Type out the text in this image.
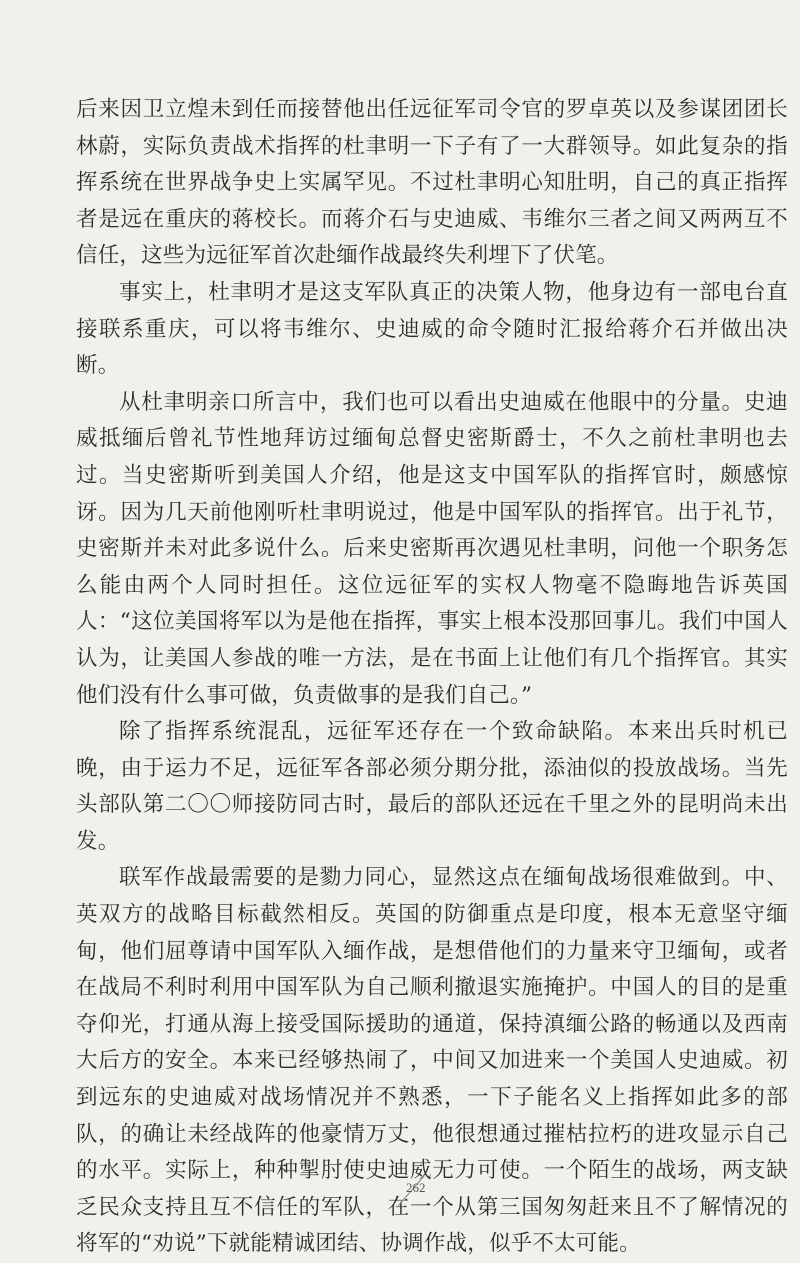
后来因卫立煌未到任而接替他出任远征军司令官的罗卓英以及参谋团团长林蔚，实际负责战术指挥的杜聿明一下子有了一大群领导。如此复杂的指挥系统在世界战争史上实属罕见。不过杜聿明心知肚明，自己的真正指挥者是远在重庆的蒋校长。而蒋介石与史迪威、韦维尔三者之间又两两互不信任，这些为远征军首次赴缅作战最终失利埋下了伏笔。

事实上，杜聿明才是这支军队真正的决策人物，他身边有一部电台直接联系重庆，可以将韦维尔、史迪威的命令随时汇报给蒋介石并做出决断。

从杜聿明亲口所言中，我们也可以看出史迪威在他眼中的分量。史迪威抵缅后曾礼节性地拜访过缅甸总督史密斯爵士，不久之前杜聿明也去过。当史密斯听到美国人介绍，他是这支中国军队的指挥官时，颇感惊讶。因为几天前他刚听杜聿明说过，他是中国军队的指挥官。出于礼节，史密斯并未对此多说什么。后来史密斯再次遇见杜聿明，问他一个职务怎么能由两个人同时担任。这位远征军的实权人物毫不隐晦地告诉英国人：“这位美国将军以为是他在指挥，事实上根本没那回事儿。我们中国人认为，让美国人参战的唯一方法，是在书面上让他们有几个指挥官。其实他们没有什么事可做，负责做事的是我们自己。”

除了指挥系统混乱，远征军还存在一个致命缺陷。本来出兵时机已晚，由于运力不足，远征军各部必须分期分批，添油似的投放战场。当先头部队第二〇〇师接防同古时，最后的部队还远在千里之外的昆明尚未出发。

联军作战最需要的是勠力同心，显然这点在缅甸战场很难做到。中、英双方的战略目标截然相反。英国的防御重点是印度，根本无意坚守缅甸，他们屈尊请中国军队入缅作战，是想借他们的力量来守卫缅甸，或者在战局不利时利用中国军队为自己顺利撤退实施掩护。中国人的目的是重夺仰光，打通从海上接受国际援助的通道，保持滇缅公路的畅通以及西南大后方的安全。本来已经够热闹了，中间又加进来一个美国人史迪威。初到远东的史迪威对战场情况并不熟悉，一下子能名义上指挥如此多的部队，的确让未经战阵的他豪情万丈，他很想通过摧枯拉朽的进攻显示自己的水平。实际上，种种掣肘使史迪威无力可使。一个陌生的战场，两支缺乏民众支持且互不信任的军队，在一个从第三国匆匆赶来且不了解情况的将军的“劝说”下就能精诚团结、协调作战，似乎不太可能。

262
